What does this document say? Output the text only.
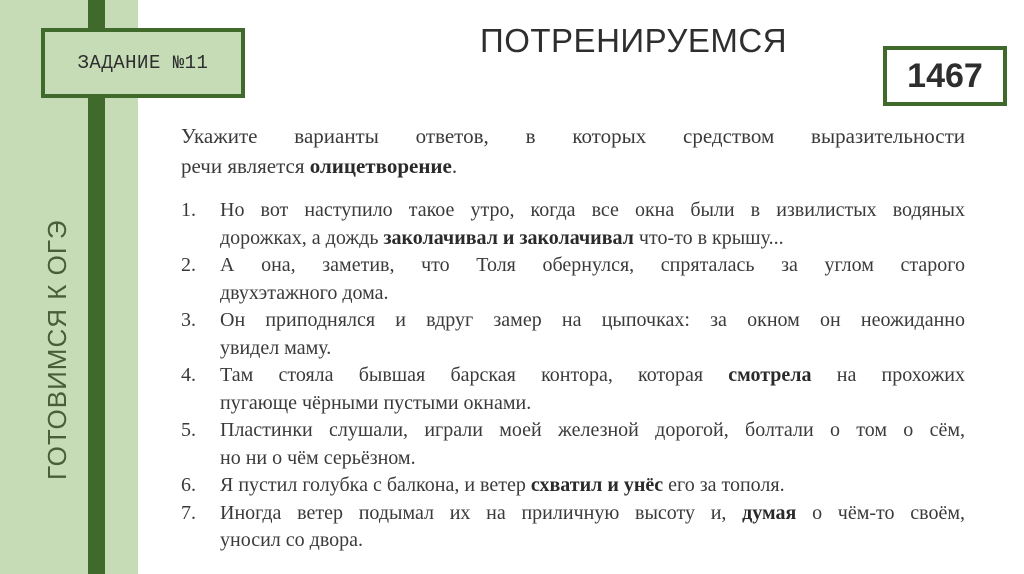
ГОТОВИМСЯ К ОГЭ
ЗАДАНИЕ №11
ПОТРЕНИРУЕМСЯ
1467
Укажите варианты ответов, в которых средством выразительности
речи является олицетворение.
1. Но вот наступило такое утро, когда все окна были в извилистых водяных
дорожках, а дождь заколачивал и заколачивал что-то в крышу...
2. А она, заметив, что Толя обернулся, спряталась за углом старого
двухэтажного дома.
3. Он приподнялся и вдруг замер на цыпочках: за окном он неожиданно
увидел маму.
4. Там стояла бывшая барская контора, которая смотрела на прохожих
пугающе чёрными пустыми окнами.
5. Пластинки слушали, играли моей железной дорогой, болтали о том о сём,
но ни о чём серьёзном.
6. Я пустил голубка с балкона, и ветер схватил и унёс его за тополя.
7. Иногда ветер подымал их на приличную высоту и, думая о чём-то своём,
уносил со двора.
